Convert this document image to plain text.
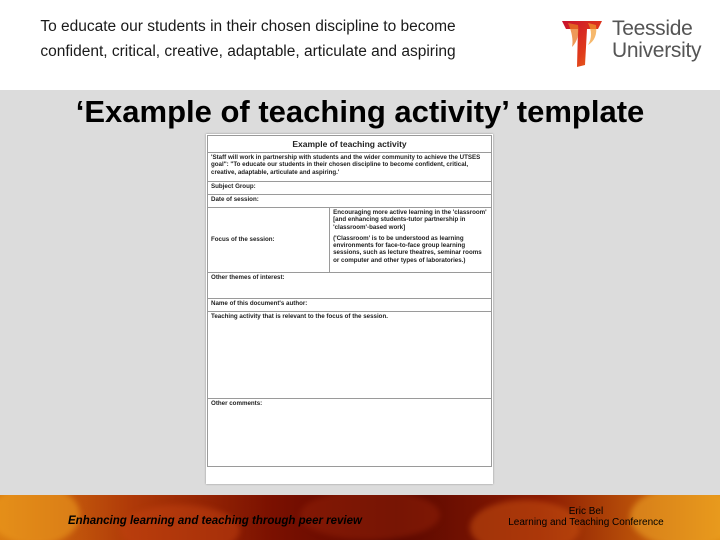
To educate our students in their chosen discipline to become
confident, critical, creative, adaptable, articulate and aspiring
Teesside
University
‘Example of teaching activity’ template
Example of teaching activity
'Staff will work in partnership with students and the wider community to achieve the UTSES goal": "To educate our students in their chosen discipline to become confident, critical, creative, adaptable, articulate and aspiring.'
Subject Group:
Date of session:
Focus of the session:	
Encouraging more active learning in the 'classroom' [and enhancing students-tutor partnership in 'classroom'-based work]
('Classroom' is to be understood as learning environments for face-to-face group learning sessions, such as lecture theatres, seminar rooms or computer and other types of laboratories.)

Other themes of interest:
Name of this document's author:
Teaching activity that is relevant to the focus of the session.
Other comments:
Enhancing learning and teaching through peer review
Eric Bel
Learning and Teaching Conference
